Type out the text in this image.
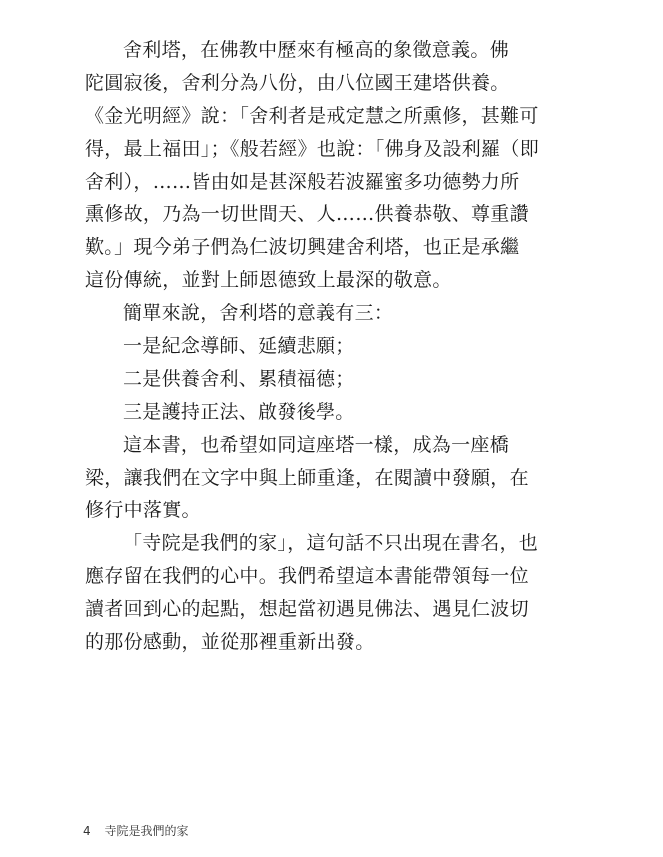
舍利塔，在佛教中歷來有極高的象徵意義。佛
陀圓寂後，舍利分為八份，由八位國王建塔供養。
《金光明經》說：「舍利者是戒定慧之所熏修，甚難可
得，最上福田」；《般若經》也說：「佛身及設利羅（即
舍利），……皆由如是甚深般若波羅蜜多功德勢力所
熏修故，乃為一切世間天、人……供養恭敬、尊重讚
歎。」現今弟子們為仁波切興建舍利塔，也正是承繼
這份傳統，並對上師恩德致上最深的敬意。
簡單來說，舍利塔的意義有三：
一是紀念導師、延續悲願；
二是供養舍利、累積福德；
三是護持正法、啟發後學。
這本書，也希望如同這座塔一樣，成為一座橋
梁，讓我們在文字中與上師重逢，在閱讀中發願，在
修行中落實。
「寺院是我們的家」，這句話不只出現在書名，也
應存留在我們的心中。我們希望這本書能帶領每一位
讀者回到心的起點，想起當初遇見佛法、遇見仁波切
的那份感動，並從那裡重新出發。
4 寺院是我們的家
